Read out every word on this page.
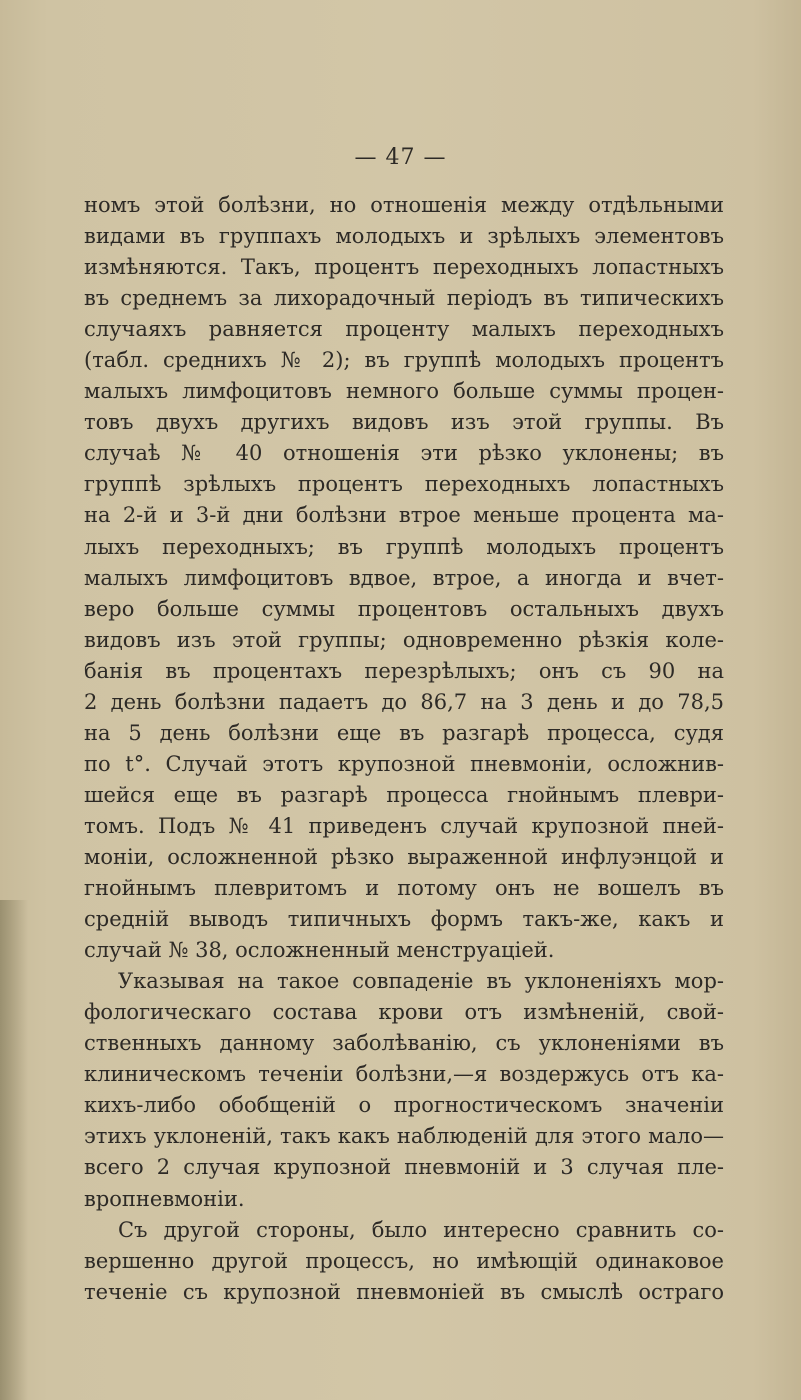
— 47 —
номъ этой болѣзни, но отношенія между отдѣльными
видами въ группахъ молодыхъ и зрѣлыхъ элементовъ
измѣняются. Такъ, процентъ переходныхъ лопастныхъ
въ среднемъ за лихорадочный періодъ въ типическихъ
случаяхъ равняется проценту малыхъ переходныхъ
(табл. среднихъ № 2); въ группѣ молодыхъ процентъ
малыхъ лимфоцитовъ немного больше суммы процен-
товъ двухъ другихъ видовъ изъ этой группы. Въ
случаѣ № 40 отношенія эти рѣзко уклонены; въ
группѣ зрѣлыхъ процентъ переходныхъ лопастныхъ
на 2-й и 3-й дни болѣзни втрое меньше процента ма-
лыхъ переходныхъ; въ группѣ молодыхъ процентъ
малыхъ лимфоцитовъ вдвое, втрое, а иногда и вчет-
веро больше суммы процентовъ остальныхъ двухъ
видовъ изъ этой группы; одновременно рѣзкія коле-
банія въ процентахъ перезрѣлыхъ; онъ съ 90 на
2 день болѣзни падаетъ до 86,7 на 3 день и до 78,5
на 5 день болѣзни еще въ разгарѣ процесса, судя
по t°. Случай этотъ крупозной пневмоніи, осложнив-
шейся еще въ разгарѣ процесса гнойнымъ плеври-
томъ. Подъ № 41 приведенъ случай крупозной пней-
моніи, осложненной рѣзко выраженной инфлуэнцой и
гнойнымъ плевритомъ и потому онъ не вошелъ въ
средній выводъ типичныхъ формъ такъ-же, какъ и
случай № 38, осложненный менструаціей.
Указывая на такое совпаденіе въ уклоненіяхъ мор-
фологическаго состава крови отъ измѣненій, свой-
ственныхъ данному заболѣванію, съ уклоненіями въ
клиническомъ теченіи болѣзни,—я воздержусь отъ ка-
кихъ-либо обобщеній о прогностическомъ значеніи
этихъ уклоненій, такъ какъ наблюденій для этого мало—
всего 2 случая крупозной пневмоній и 3 случая пле-
вропневмоніи.
Съ другой стороны, было интересно сравнить со-
вершенно другой процессъ, но имѣющій одинаковое
теченіе съ крупозной пневмоніей въ смыслѣ остраго
